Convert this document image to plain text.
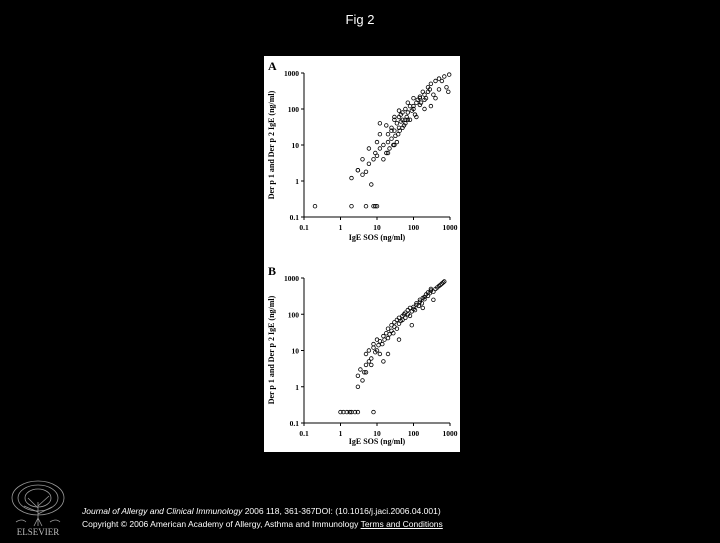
Fig 2
A
0.1
1
10
100
1000
0.1	1	10	100	1000
IgE SOS (ng/ml)
Der p 1 and Der p 2 IgE (ng/ml)
B
0.1
1
10
100
1000
0.1	1	10	100	1000
IgE SOS (ng/ml)
Der p 1 and Der p 2 IgE (ng/ml)
ELSEVIER
Journal of Allergy and Clinical Immunology 2006 118, 361-367DOI: (10.1016/j.jaci.2006.04.001)
Copyright © 2006 American Academy of Allergy, Asthma and Immunology Terms and Conditions
